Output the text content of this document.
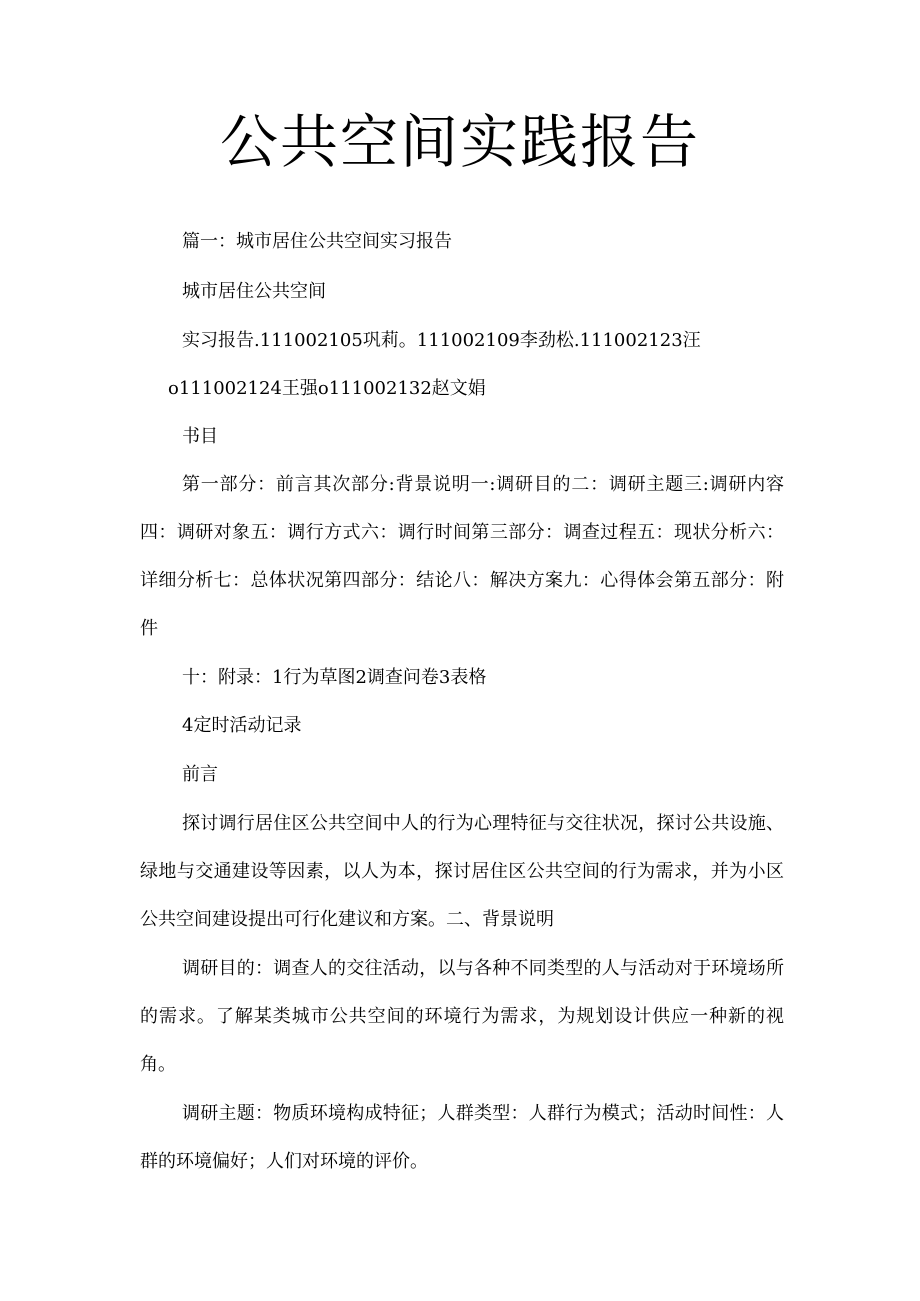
公共空间实践报告
篇一：城市居住公共空间实习报告
城市居住公共空间
实习报告.111002105巩莉。111002109李劲松.111002123汪
o111002124王强o111002132赵文娟
书目
第一部分：前言其次部分:背景说明一:调研目的二：调研主题三:调研内容四：调研对象五：调行方式六：调行时间第三部分：调查过程五：现状分析六：详细分析七：总体状况第四部分：结论八：解决方案九：心得体会第五部分：附件
十：附录：1行为草图2调查问卷3表格
4定时活动记录
前言
探讨调行居住区公共空间中人的行为心理特征与交往状况，探讨公共设施、绿地与交通建设等因素，以人为本，探讨居住区公共空间的行为需求，并为小区公共空间建设提出可行化建议和方案。二、背景说明
调研目的：调查人的交往活动，以与各种不同类型的人与活动对于环境场所的需求。了解某类城市公共空间的环境行为需求，为规划设计供应一种新的视角。
调研主题：物质环境构成特征；人群类型：人群行为模式；活动时间性：人群的环境偏好；人们对环境的评价。
